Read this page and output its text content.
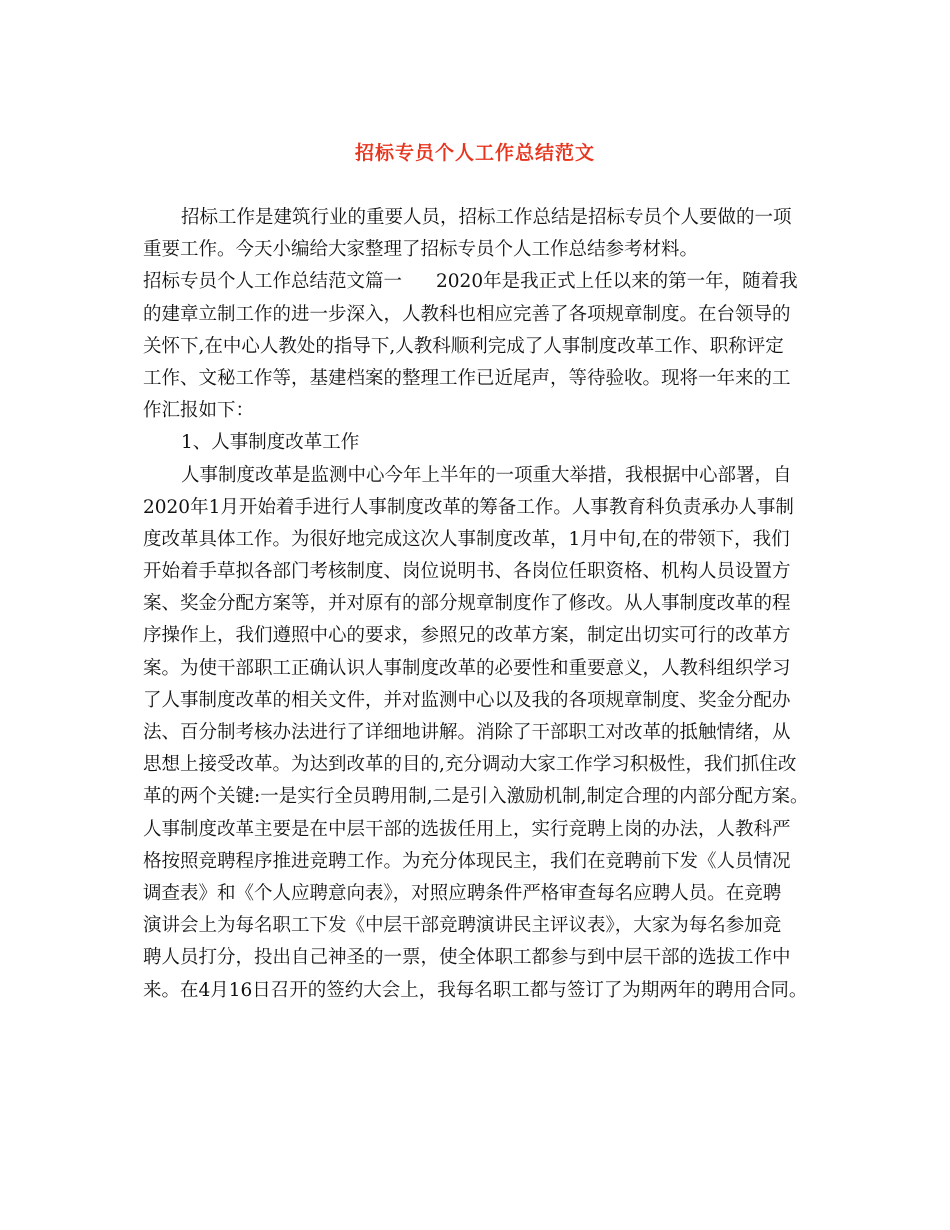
招标专员个人工作总结范文
招标工作是建筑行业的重要人员，招标工作总结是招标专员个人要做的一项
重要工作。今天小编给大家整理了招标专员个人工作总结参考材料。
招标专员个人工作总结范文篇一 2020年是我正式上任以来的第一年，随着我
的建章立制工作的进一步深入，人教科也相应完善了各项规章制度。在台领导的
关怀下,在中心人教处的指导下,人教科顺利完成了人事制度改革工作、职称评定
工作、文秘工作等，基建档案的整理工作已近尾声，等待验收。现将一年来的工
作汇报如下：
1、人事制度改革工作
人事制度改革是监测中心今年上半年的一项重大举措，我根据中心部署，自
2020年1月开始着手进行人事制度改革的筹备工作。人事教育科负责承办人事制
度改革具体工作。为很好地完成这次人事制度改革，1月中旬,在的带领下，我们
开始着手草拟各部门考核制度、岗位说明书、各岗位任职资格、机构人员设置方
案、奖金分配方案等，并对原有的部分规章制度作了修改。从人事制度改革的程
序操作上，我们遵照中心的要求，参照兄的改革方案，制定出切实可行的改革方
案。为使干部职工正确认识人事制度改革的必要性和重要意义，人教科组织学习
了人事制度改革的相关文件，并对监测中心以及我的各项规章制度、奖金分配办
法、百分制考核办法进行了详细地讲解。消除了干部职工对改革的抵触情绪，从
思想上接受改革。为达到改革的目的,充分调动大家工作学习积极性，我们抓住改
革的两个关键:一是实行全员聘用制,二是引入激励机制,制定合理的内部分配方案。
人事制度改革主要是在中层干部的选拔任用上，实行竞聘上岗的办法，人教科严
格按照竞聘程序推进竞聘工作。为充分体现民主，我们在竞聘前下发《人员情况
调查表》和《个人应聘意向表》，对照应聘条件严格审查每名应聘人员。在竞聘
演讲会上为每名职工下发《中层干部竞聘演讲民主评议表》，大家为每名参加竞
聘人员打分，投出自己神圣的一票，使全体职工都参与到中层干部的选拔工作中
来。在4月16日召开的签约大会上，我每名职工都与签订了为期两年的聘用合同。
